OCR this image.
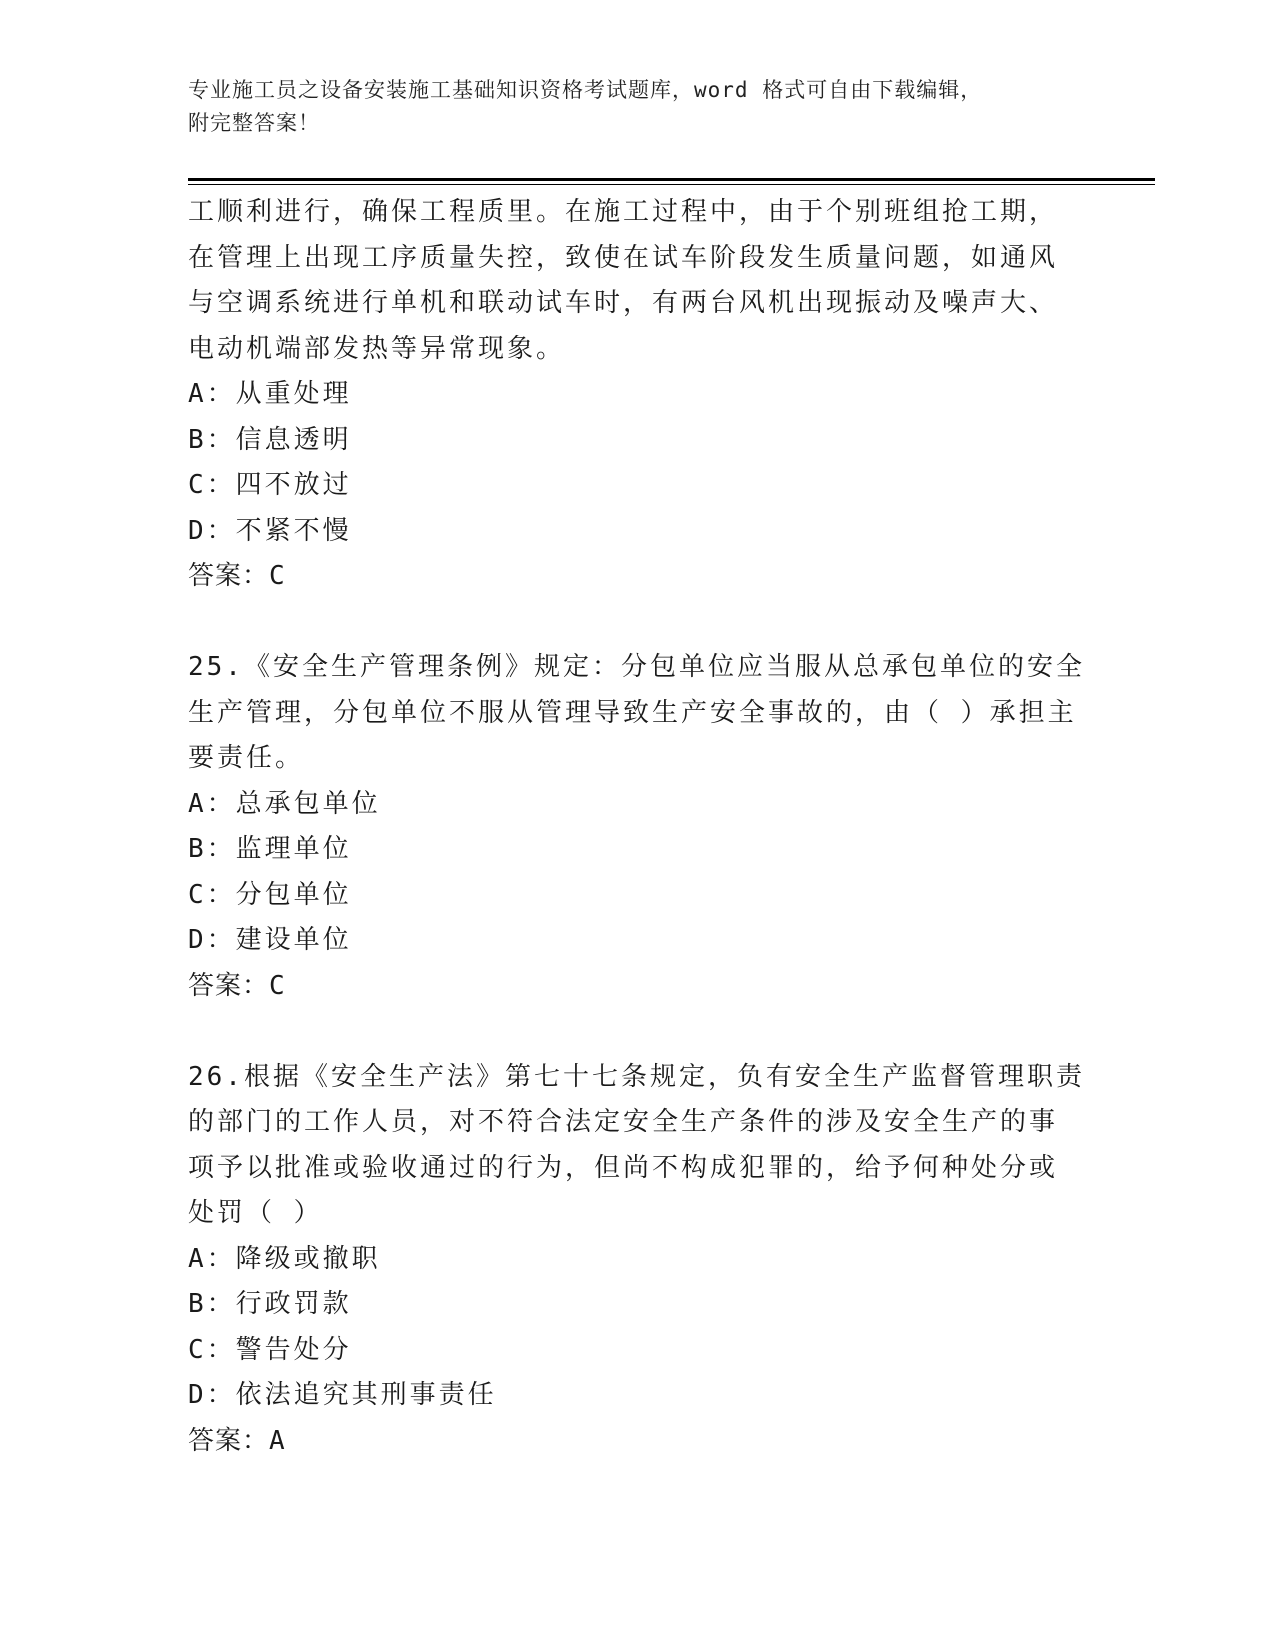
专业施工员之设备安装施工基础知识资格考试题库，word 格式可自由下载编辑，
附完整答案！
工顺利进行，确保工程质里。在施工过程中，由于个别班组抢工期，
在管理上出现工序质量失控，致使在试车阶段发生质量问题，如通风
与空调系统进行单机和联动试车时，有两台风机出现振动及噪声大、
电动机端部发热等异常现象。
A：从重处理
B：信息透明
C：四不放过
D：不紧不慢
答案：C
25.《安全生产管理条例》规定：分包单位应当服从总承包单位的安全
生产管理，分包单位不服从管理导致生产安全事故的，由（ ）承担主
要责任。
A：总承包单位
B：监理单位
C：分包单位
D：建设单位
答案：C
26.根据《安全生产法》第七十七条规定，负有安全生产监督管理职责
的部门的工作人员，对不符合法定安全生产条件的涉及安全生产的事
项予以批准或验收通过的行为，但尚不构成犯罪的，给予何种处分或
处罚（ ）
A：降级或撤职
B：行政罚款
C：警告处分
D：依法追究其刑事责任
答案：A
